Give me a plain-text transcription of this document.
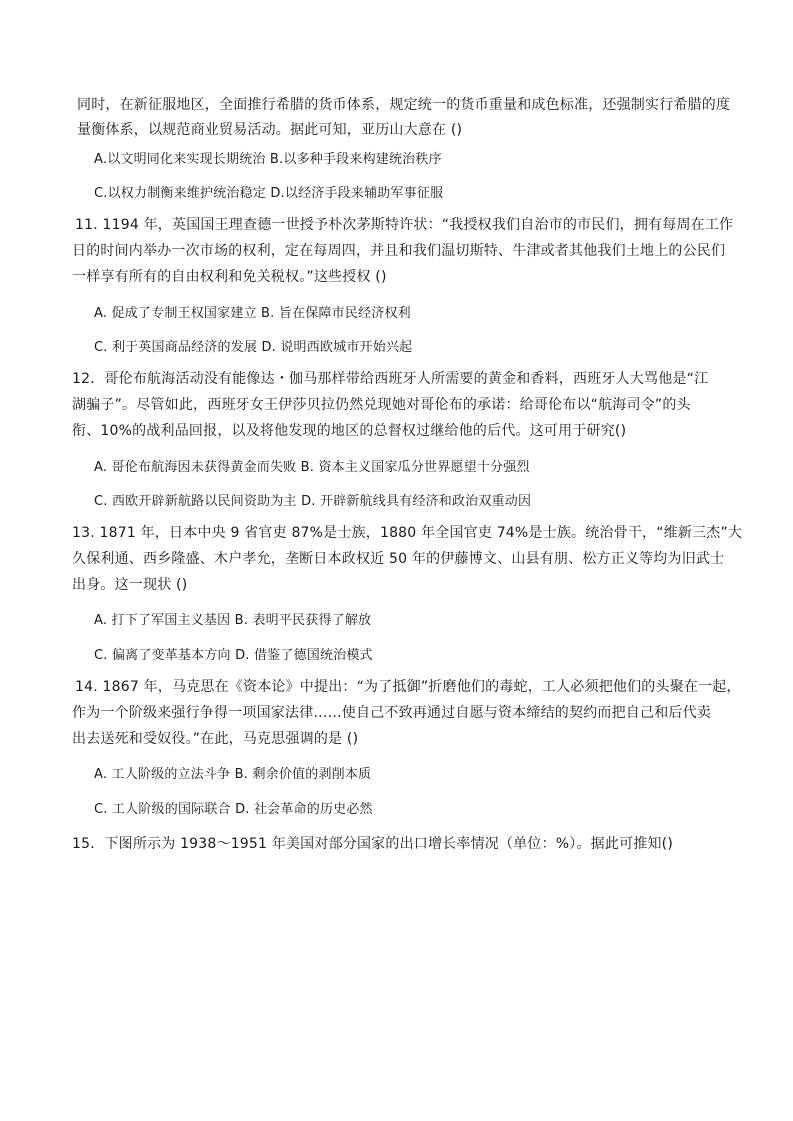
同时，在新征服地区，全面推行希腊的货币体系，规定统一的货币重量和成色标准，还强制实行希腊的度
量衡体系，以规范商业贸易活动。据此可知，亚历山大意在 ()
A.以文明同化来实现长期统治 B.以多种手段来构建统治秩序
C.以权力制衡来维护统治稳定 D.以经济手段来辅助军事征服
11. 1194 年，英国国王理查德一世授予朴次茅斯特许状：“我授权我们自治市的市民们，拥有每周在工作
日的时间内举办一次市场的权利，定在每周四，并且和我们温切斯特、牛津或者其他我们土地上的公民们
一样享有所有的自由权利和免关税权。”这些授权 ()
A. 促成了专制王权国家建立 B. 旨在保障市民经济权利
C. 利于英国商品经济的发展 D. 说明西欧城市开始兴起
12．哥伦布航海活动没有能像达・伽马那样带给西班牙人所需要的黄金和香料，西班牙人大骂他是“江
湖骗子”。尽管如此，西班牙女王伊莎贝拉仍然兑现她对哥伦布的承诺：给哥伦布以“航海司令”的头
衔、10%的战利品回报，以及将他发现的地区的总督权过继给他的后代。这可用于研究()
A. 哥伦布航海因未获得黄金而失败 B. 资本主义国家瓜分世界愿望十分强烈
C. 西欧开辟新航路以民间资助为主 D. 开辟新航线具有经济和政治双重动因
13. 1871 年，日本中央 9 省官吏 87%是士族，1880 年全国官吏 74%是士族。统治骨干，“维新三杰”大
久保利通、西乡隆盛、木户孝允，垄断日本政权近 50 年的伊藤博文、山县有朋、松方正义等均为旧武士
出身。这一现状 ()
A. 打下了军国主义基因 B. 表明平民获得了解放
C. 偏离了变革基本方向 D. 借鉴了德国统治模式
14. 1867 年，马克思在《资本论》中提出：“为了抵御”折磨他们的毒蛇，工人必须把他们的头聚在一起，
作为一个阶级来强行争得一项国家法律……使自己不致再通过自愿与资本缔结的契约而把自己和后代卖
出去送死和受奴役。”在此，马克思强调的是 ()
A. 工人阶级的立法斗争 B. 剩余价值的剥削本质
C. 工人阶级的国际联合 D. 社会革命的历史必然
15．下图所示为 1938～1951 年美国对部分国家的出口增长率情况（单位：%）。据此可推知()
